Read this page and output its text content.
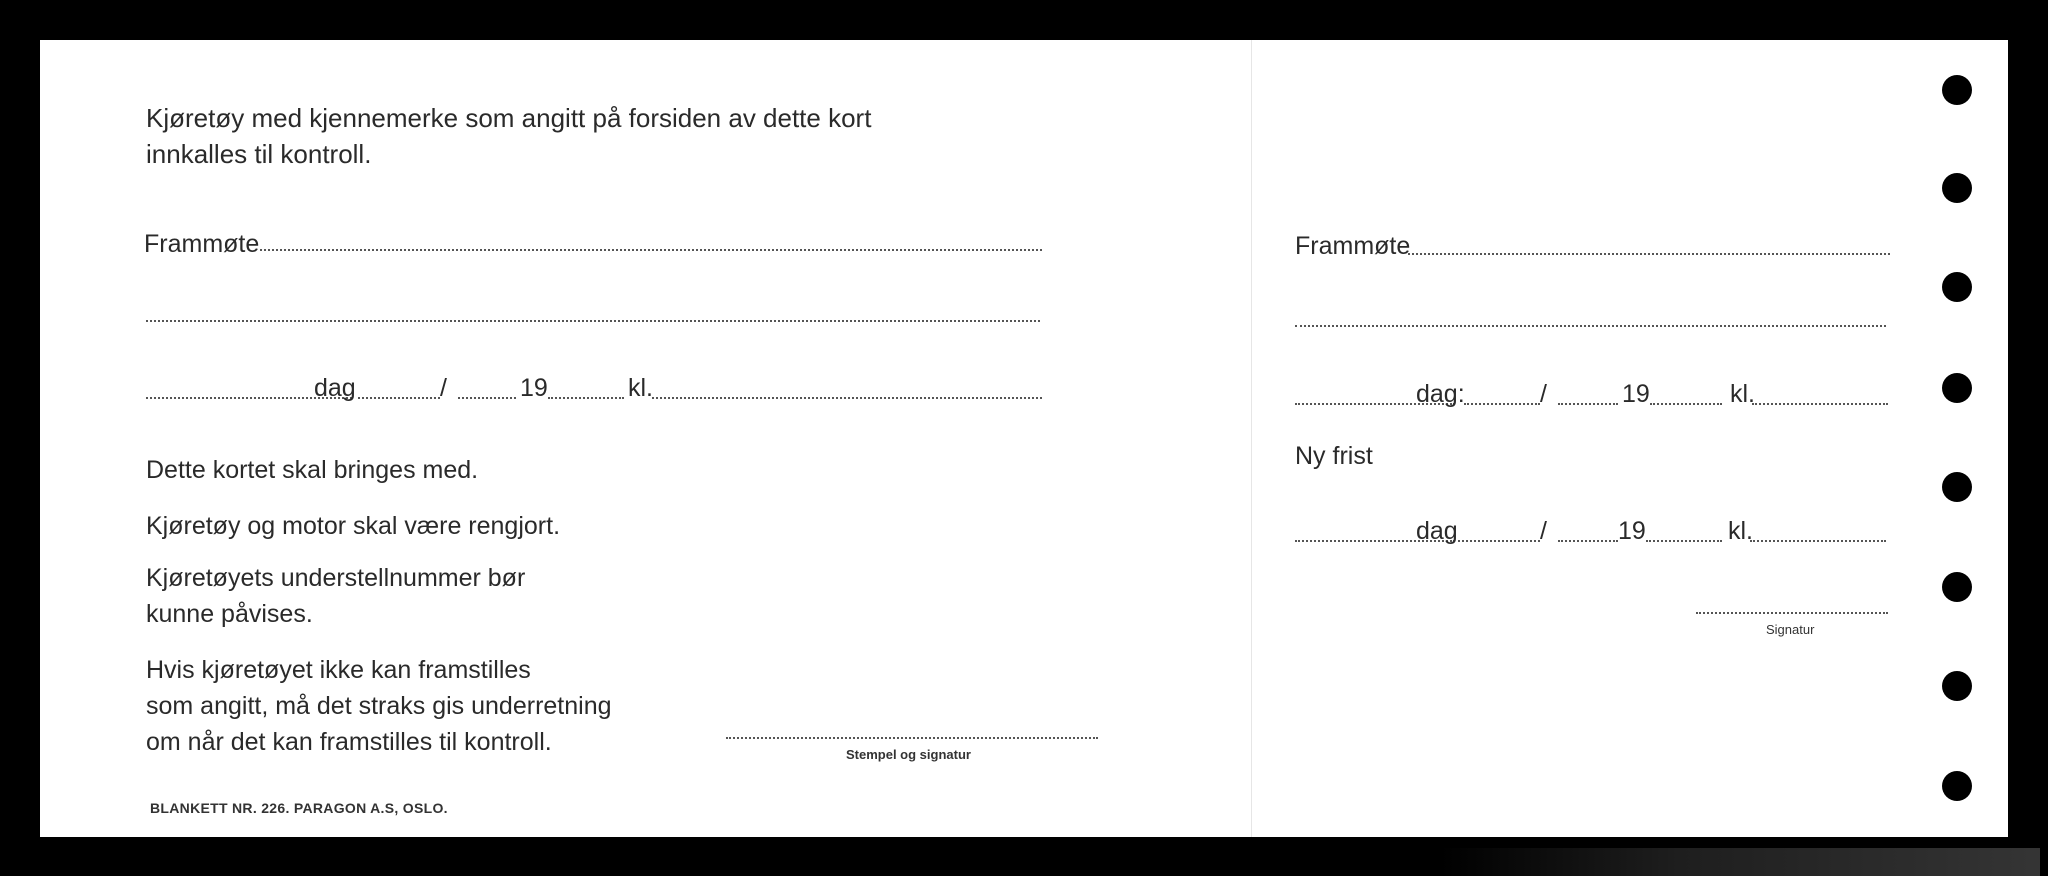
Kjøretøy med kjennemerke som angitt på forsiden av dette kort
innkalles til kontroll.
Frammøte
dag	/	19	kl.
Dette kortet skal bringes med.
Kjøretøy og motor skal være rengjort.
Kjøretøyets understellnummer bør
kunne påvises.
Hvis kjøretøyet ikke kan framstilles
som angitt, må det straks gis underretning
om når det kan framstilles til kontroll.	Stempel og signatur
BLANKETT NR. 226. PARAGON A.S, OSLO.
Frammøte
dag:	/	19	kl.
Ny frist
dag	/	19	kl.
Signatur
